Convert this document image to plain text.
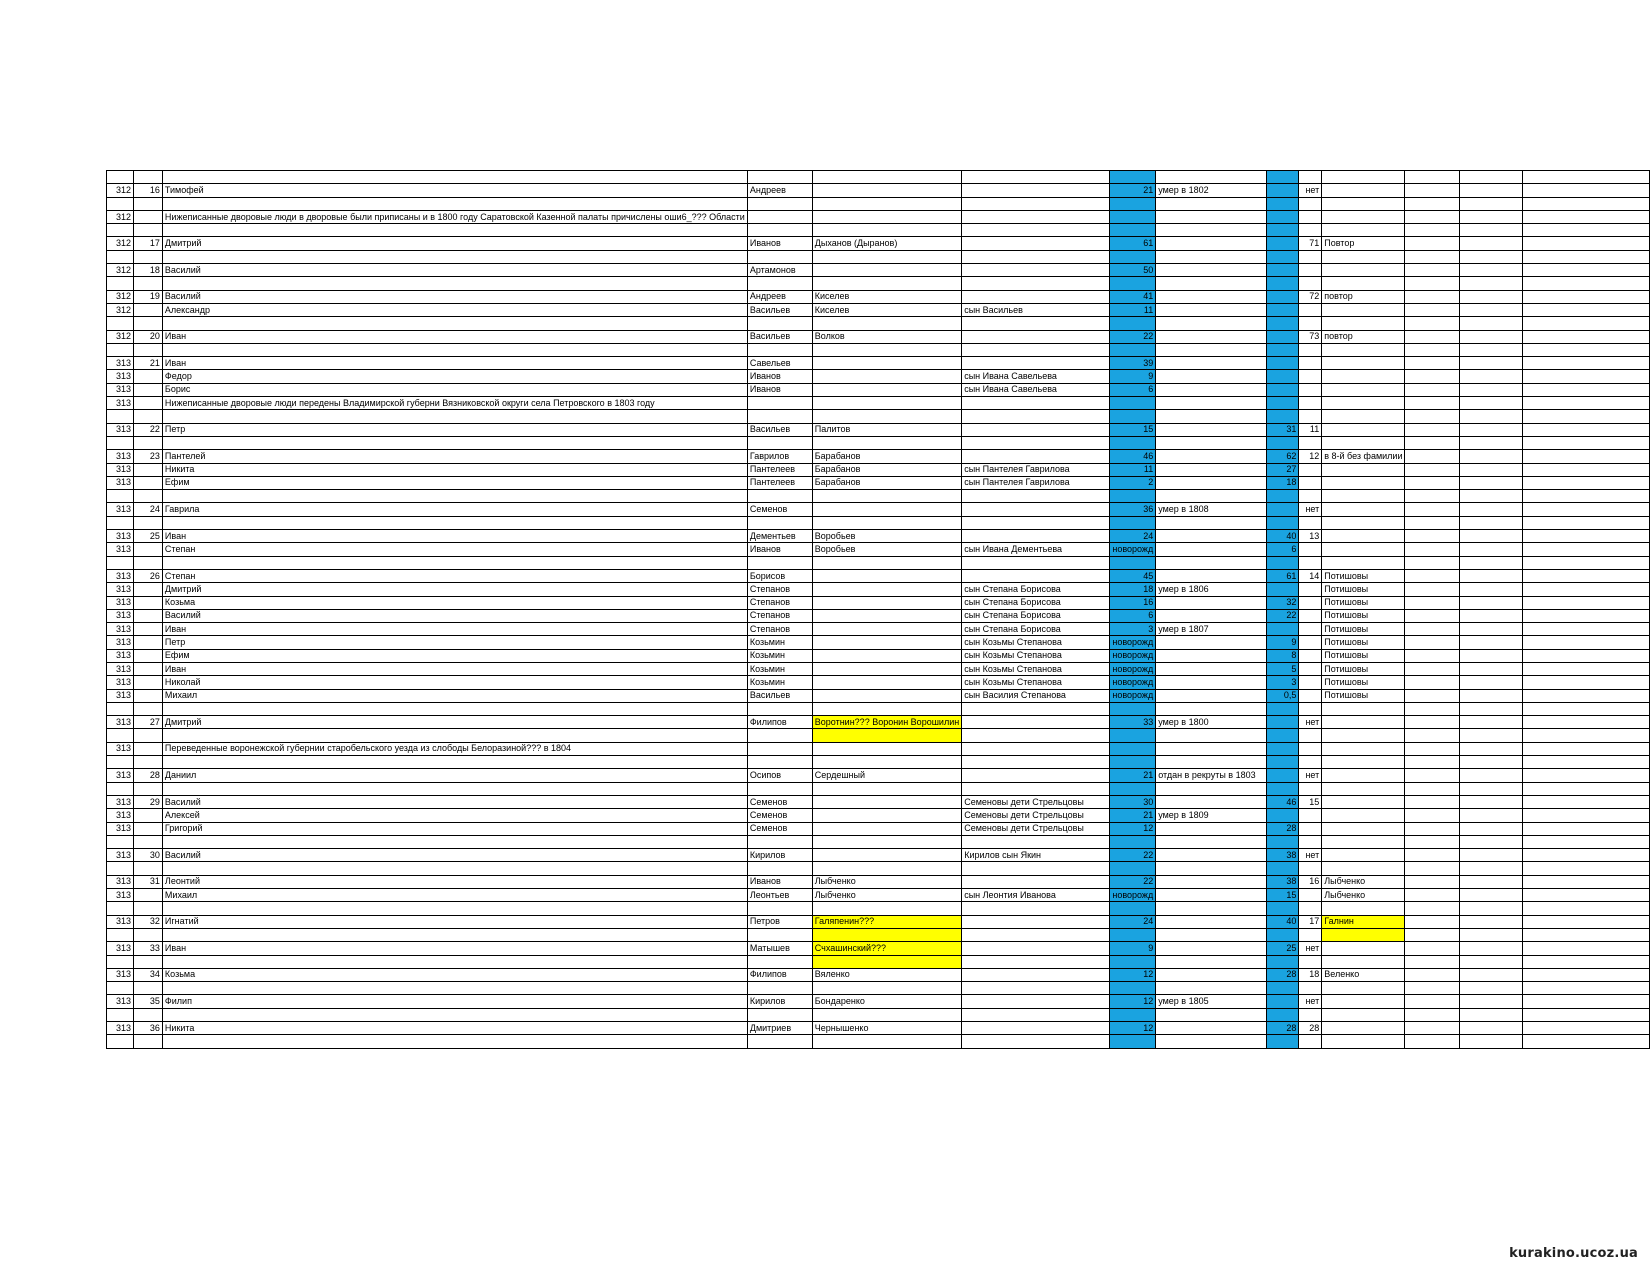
312	16	Тимофей	Андреев			21	умер в 1802		нет				

312		Нижеписанные дворовые люди в дворовые были приписаны и в 1800 году Саратовской Казенной палаты причислены оши6_??? Области											

312	17	Дмитрий	Иванов	Дыханов (Дыранов)		61			71	Повтор			

312	18	Василий	Артамонов			50							

312	19	Василий	Андреев	Киселев		41			72	повтор			
312		Александр	Васильев	Киселев	сын Васильев	11							

312	20	Иван	Васильев	Волков		22			73	повтор			

313	21	Иван	Савельев			39							
313		Федор	Иванов		сын Ивана Савельева	9							
313		Борис	Иванов		сын Ивана Савельева	6							
313		Нижеписанные дворовые люди передены Владимирской губерни Вязниковской округи села Петровского в 1803 году											

313	22	Петр	Васильев	Палитов		15		31	11				

313	23	Пантелей	Гаврилов	Барабанов		46		62	12	в 8-й без фамилии			
313		Никита	Пантелеев	Барабанов	сын Пантелея Гаврилова	11		27					
313		Ефим	Пантелеев	Барабанов	сын Пантелея Гаврилова	2		18					

313	24	Гаврила	Семенов			36	умер в 1808		нет				

313	25	Иван	Дементьев	Воробьев		24		40	13				
313		Степан	Иванов	Воробьев	сын Ивана Дементьева	новорожд		6					

313	26	Степан	Борисов			45		61	14	Потишовы			
313		Дмитрий	Степанов		сын Степана Борисова	18	умер в 1806			Потишовы			
313		Козьма	Степанов		сын Степана Борисова	16		32		Потишовы			
313		Василий	Степанов		сын Степана Борисова	6		22		Потишовы			
313		Иван	Степанов		сын Степана Борисова	3	умер в 1807			Потишовы			
313		Петр	Козьмин		сын Козьмы Степанова	новорожд		9		Потишовы			
313		Ефим	Козьмин		сын Козьмы Степанова	новорожд		8		Потишовы			
313		Иван	Козьмин		сын Козьмы Степанова	новорожд		5		Потишовы			
313		Николай	Козьмин		сын Козьмы Степанова	новорожд		3		Потишовы			
313		Михаил	Васильев		сын Василия Степанова	новорожд		0,5		Потишовы			

313	27	Дмитрий	Филипов	Воротнин??? Воронин Ворошилин		33	умер в 1800		нет				

313		Переведенные воронежской губернии старобельского уезда из слободы Белоразиной??? в 1804											

313	28	Даниил	Осипов	Сердешный		21	отдан в рекруты в 1803		нет				

313	29	Василий	Семенов		Семеновы дети Стрельцовы	30		46	15				
313		Алексей	Семенов		Семеновы дети Стрельцовы	21	умер в 1809						
313		Григорий	Семенов		Семеновы дети Стрельцовы	12		28					

313	30	Василий	Кирилов		Кирилов сын Якин	22		38	нет				

313	31	Леонтий	Иванов	Лыбченко		22		38	16	Лыбченко			
313		Михаил	Леонтьев	Лыбченко	сын Леонтия Иванова	новорожд		15		Лыбченко			

313	32	Игнатий	Петров	Галяпенин???		24		40	17	Галнин			

313	33	Иван	Матышев	Счхашинский???		9		25	нет				

313	34	Козьма	Филипов	Вяленко		12		28	18	Веленко			

313	35	Филип	Кирилов	Бондаренко		12	умер в 1805		нет				

313	36	Никита	Дмитриев	Чернышенко		12		28	28				

kurakino.ucoz.ua
